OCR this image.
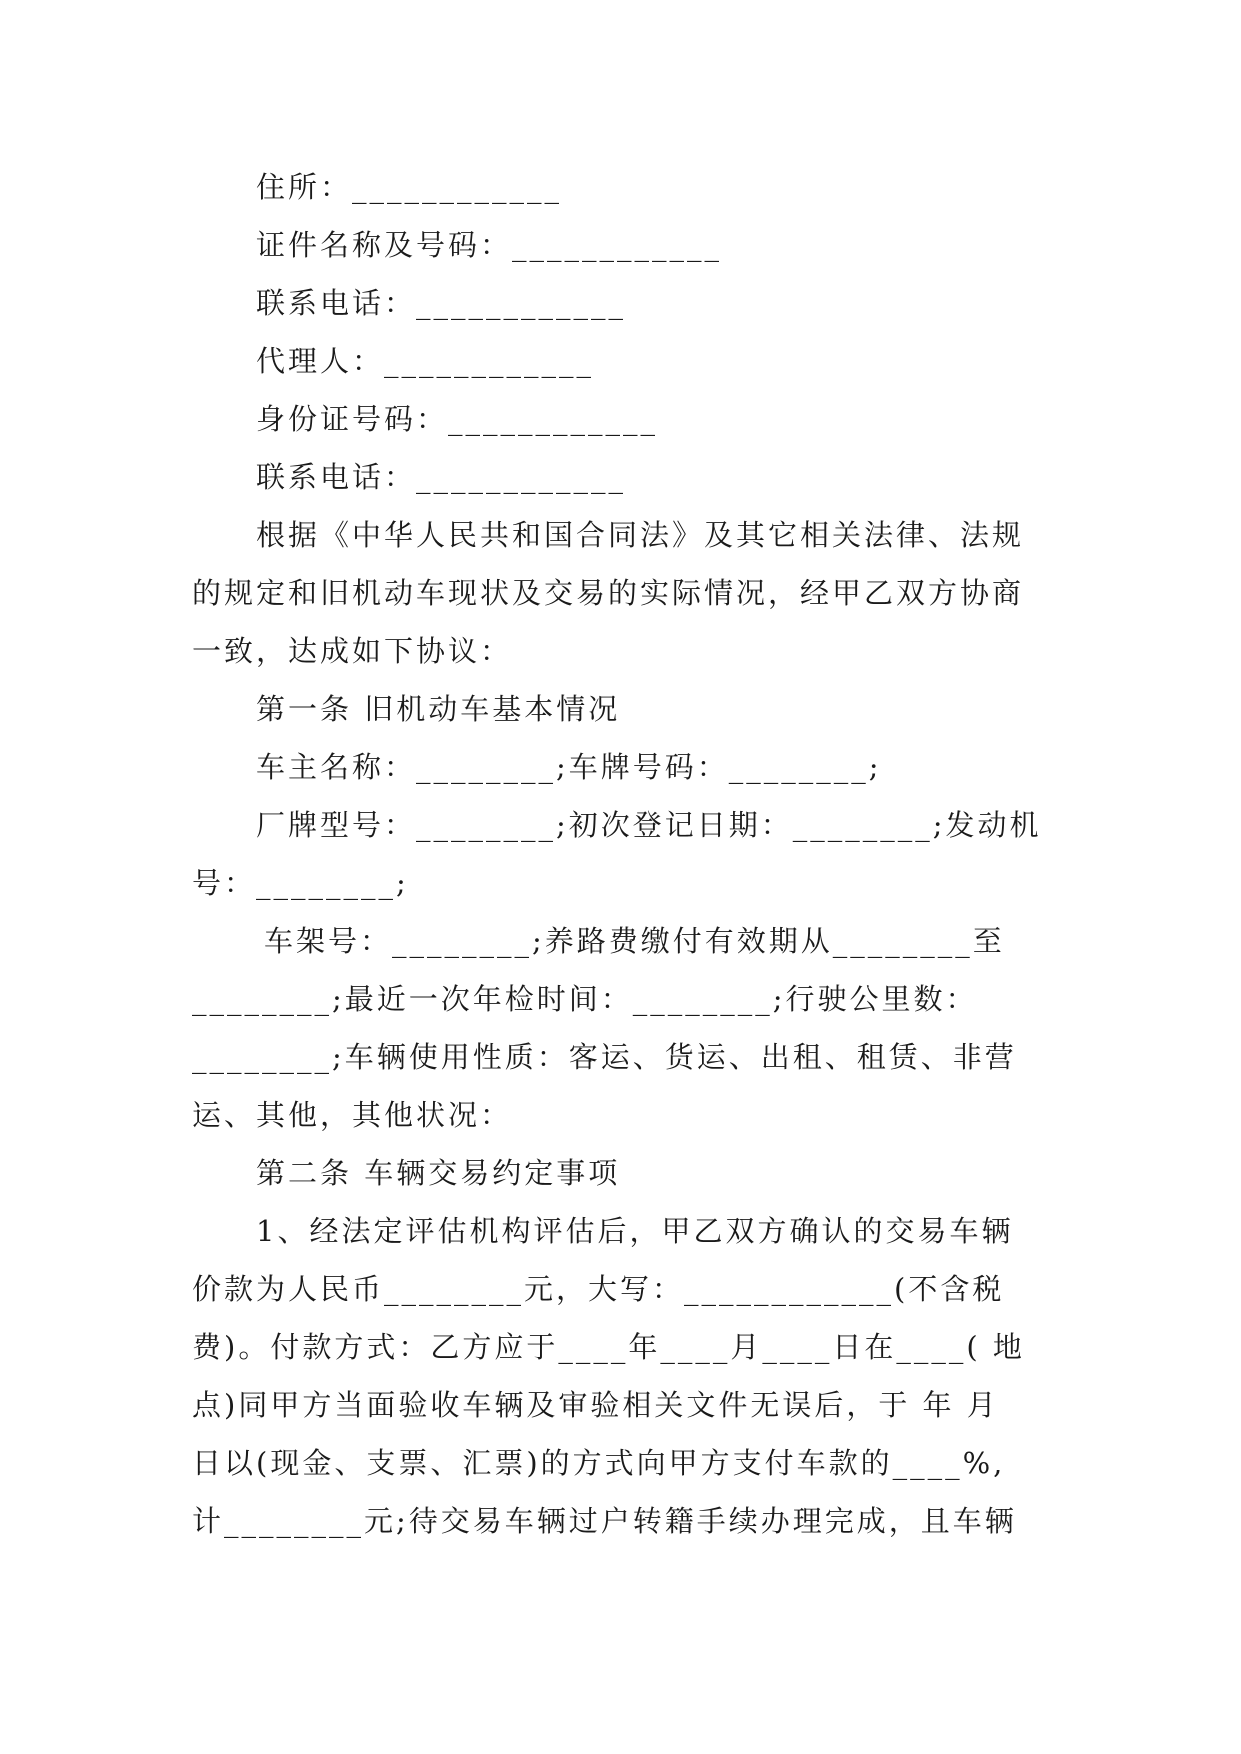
住所：____________

证件名称及号码：____________

联系电话：____________

代理人：____________

身份证号码：____________

联系电话：____________

根据《中华人民共和国合同法》及其它相关法律、法规

的规定和旧机动车现状及交易的实际情况，经甲乙双方协商

一致，达成如下协议：

第一条 旧机动车基本情况

车主名称：________;车牌号码：________;

厂牌型号：________;初次登记日期：________;发动机

号：________;

车架号：________;养路费缴付有效期从________至

________;最近一次年检时间：________;行驶公里数：

________;车辆使用性质：客运、货运、出租、租赁、非营

运、其他，其他状况：

第二条 车辆交易约定事项

1、经法定评估机构评估后，甲乙双方确认的交易车辆

价款为人民币________元，大写：____________(不含税

费)。付款方式：乙方应于____年____月____日在____( 地

点)同甲方当面验收车辆及审验相关文件无误后，于 年 月

日以(现金、支票、汇票)的方式向甲方支付车款的____%,

计________元;待交易车辆过户转籍手续办理完成，且车辆
